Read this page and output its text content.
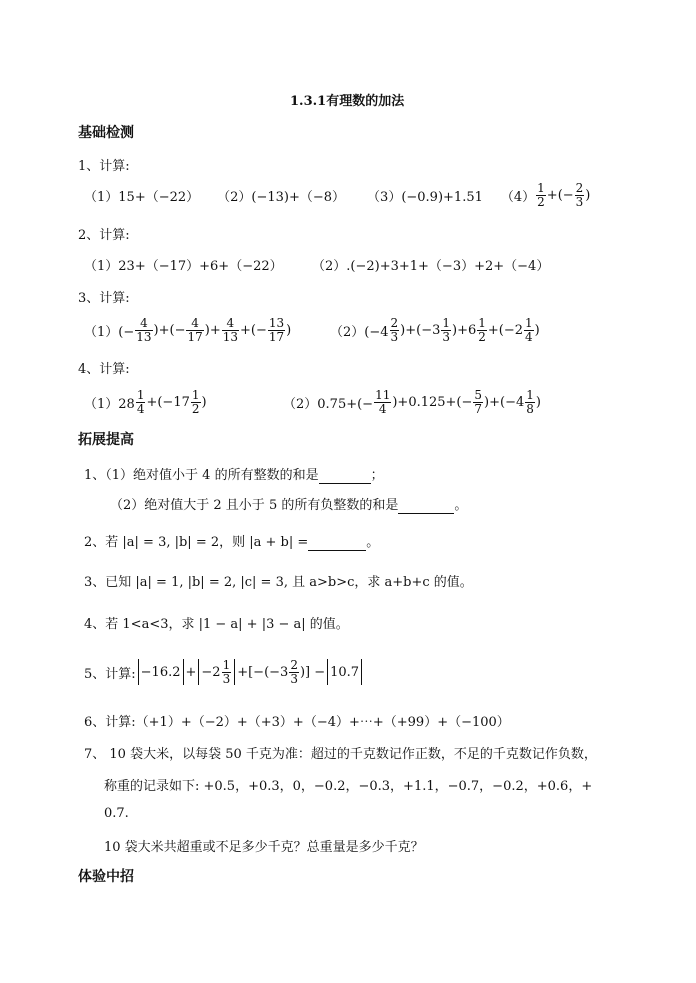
1.3.1有理数的加法
基础检测
1、计算:
（1）15+（−22） （2）(−13)+（−8） （3）(−0.9)+1.51 $(4) \frac{1}{2}$ +(− $\frac{2}{3}$ )
2、计算:
（1）23+（−17）+6+（−22） （2）.(−2)+3+1+（−3）+2+（−4）
3、计算:
$(1)(- \frac{4}{13}$ )+(− $\frac{4}{17}$ )+ $\frac{4}{13}$ +(− $\frac{13}{17}$ )	$(2)(-4 \frac{2}{3} )+(-3 \frac{1}{3} )+6 \frac{1}{2} +(-2 \frac{1}{4}$ )
4、计算:
$(1)28 \frac{1}{4} +(-17 \frac{1}{2}$ )	$(2)0.75+(- \frac{11}{4} )+0.125+(- \frac{5}{7} )+(-4 \frac{1}{8}$ )
拓展提高
1、（1）绝对值小于 4 的所有整数的和是	；
（2）绝对值大于 2 且小于 5 的所有负整数的和是	。
2、若 |a| = 3, |b| = 2，则 |a + b| =	。
3、已知 |a| = 1, |b| = 2, |c| = 3, 且 a>b>c，求 a+b+c 的值。
4、若 1<a<3，求 |1 − a| + |3 − a| 的值。
5、计算: $-16.2 + -2 \frac{1}{3} +[-(-3 \frac{2}{3}$ )] − 10.7
6、计算:（+1）+（−2）+（+3）+（−4）+⋯+（+99）+（−100）
7、 10 袋大米，以每袋 50 千克为准：超过的千克数记作正数，不足的千克数记作负数，
称重的记录如下: +0.5，+0.3，0，−0.2，−0.3，+1.1，−0.7，−0.2，+0.6，+
0.7.
10 袋大米共超重或不足多少千克？总重量是多少千克？
体验中招
